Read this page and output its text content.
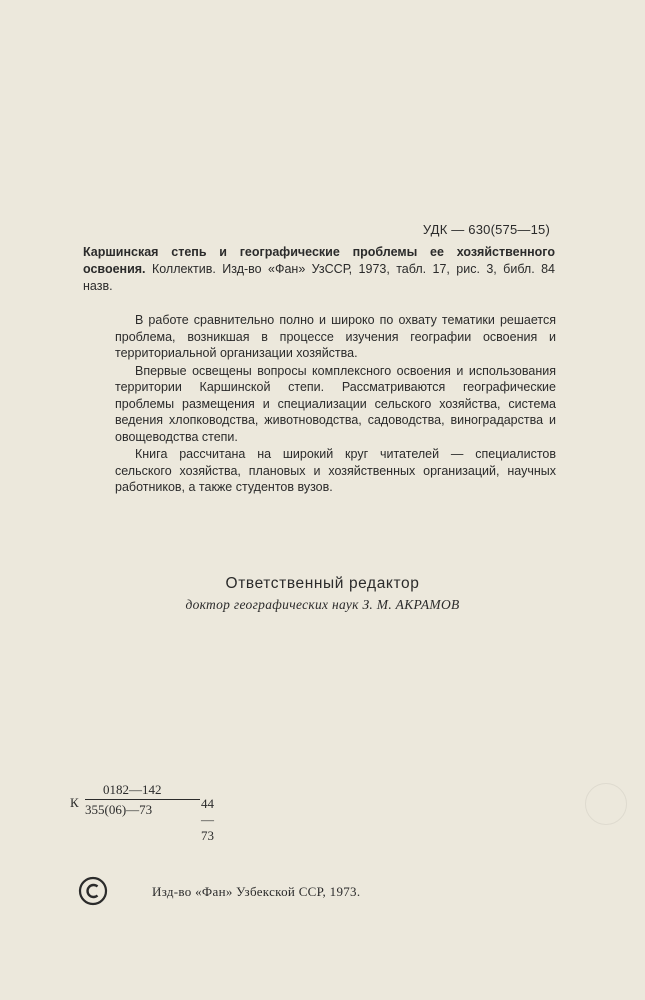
УДК — 630(575—15)
Каршинская степь и географические проблемы ее хозяйственного освоения. Коллектив. Изд-во «Фан» УзССР, 1973, табл. 17, рис. 3, библ. 84 назв.

В работе сравнительно полно и широко по охвату тематики решается проблема, возникшая в процессе изучения географии освоения и территориальной организации хозяйства.

Впервые освещены вопросы комплексного освоения и использования территории Каршинской степи. Рассматриваются географические проблемы размещения и специализации сельского хозяйства, система ведения хлопководства, животноводства, садоводства, виноградарства и овощеводства степи.

Книга рассчитана на широкий круг читателей — специалистов сельского хозяйства, плановых и хозяйственных организаций, научных работников, а также студентов вузов.

Ответственный редактор
доктор географических наук З. М. АКРАМОВ
К
0182—142
355(06)—73	44—73
Изд-во «Фан» Узбекской ССР, 1973.
